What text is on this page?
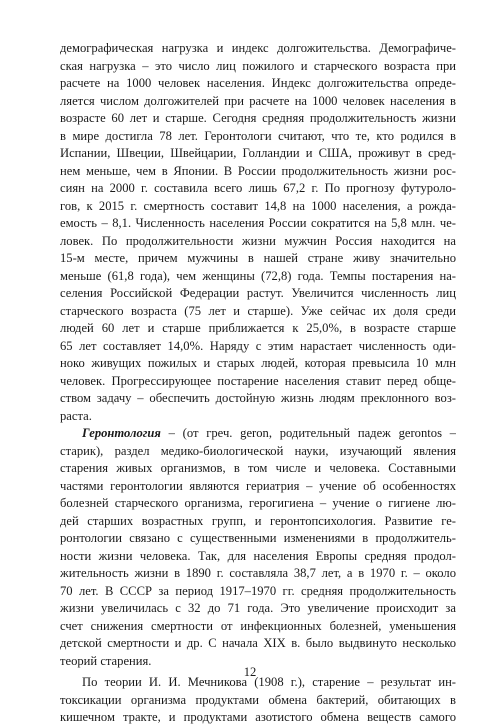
демографическая нагрузка и индекс долгожительства. Демографиче-
ская нагрузка – это число лиц пожилого и старческого возраста при
расчете на 1000 человек населения. Индекс долгожительства опреде-
ляется числом долгожителей при расчете на 1000 человек населения в
возрасте 60 лет и старше. Сегодня средняя продолжительность жизни
в мире достигла 78 лет. Геронтологи считают, что те, кто родился в
Испании, Швеции, Швейцарии, Голландии и США, проживут в сред-
нем меньше, чем в Японии. В России продолжительность жизни рос-
сиян на 2000 г. составила всего лишь 67,2 г. По прогнозу футуроло-
гов, к 2015 г. смертность составит 14,8 на 1000 населения, а рожда-
емость – 8,1. Численность населения России сократится на 5,8 млн. че-
ловек. По продолжительности жизни мужчин Россия находится на
15-м месте, причем мужчины в нашей стране живу значительно
меньше (61,8 года), чем женщины (72,8) года. Темпы постарения на-
селения Российской Федерации растут. Увеличится численность лиц
старческого возраста (75 лет и старше). Уже сейчас их доля среди
людей 60 лет и старше приближается к 25,0%, в возрасте старше
65 лет составляет 14,0%. Наряду с этим нарастает численность оди-
ноко живущих пожилых и старых людей, которая превысила 10 млн
человек. Прогрессирующее постарение населения ставит перед обще-
ством задачу – обеспечить достойную жизнь людям преклонного воз-
раста.
Геронтология – (от греч. geron, родительный падеж gerontos –
старик), раздел медико-биологической науки, изучающий явления
старения живых организмов, в том числе и человека. Составными
частями геронтологии являются гериатрия – учение об особенностях
болезней старческого организма, герогигиена – учение о гигиене лю-
дей старших возрастных групп, и геронтопсихология. Развитие ге-
ронтологии связано с существенными изменениями в продолжитель-
ности жизни человека. Так, для населения Европы средняя продол-
жительность жизни в 1890 г. составляла 38,7 лет, а в 1970 г. – около
70 лет. В СССР за период 1917–1970 гг. средняя продолжительность
жизни увеличилась с 32 до 71 года. Это увеличение происходит за
счет снижения смертности от инфекционных болезней, уменьшения
детской смертности и др. С начала XIX в. было выдвинуто несколько
теорий старения.
По теории И. И. Мечникова (1908 г.), старение – результат ин-
токсикации организма продуктами обмена бактерий, обитающих в
кишечном тракте, и продуктами азотистого обмена веществ самого
12
